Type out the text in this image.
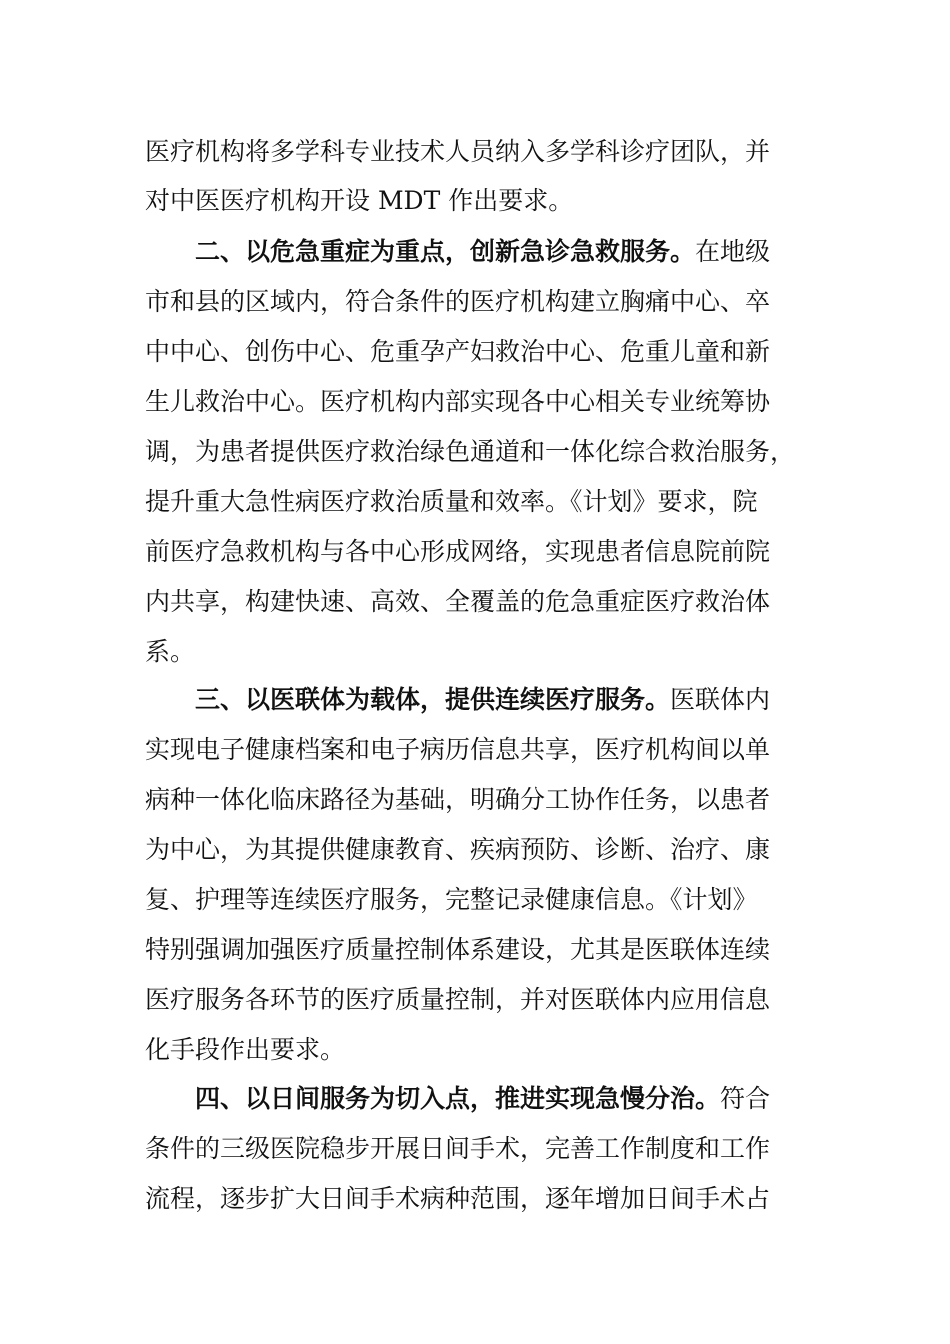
医疗机构将多学科专业技术人员纳入多学科诊疗团队，并
对中医医疗机构开设 MDT 作出要求。
二、以危急重症为重点，创新急诊急救服务。在地级
市和县的区域内，符合条件的医疗机构建立胸痛中心、卒
中中心、创伤中心、危重孕产妇救治中心、危重儿童和新
生儿救治中心。医疗机构内部实现各中心相关专业统筹协
调，为患者提供医疗救治绿色通道和一体化综合救治服务，
提升重大急性病医疗救治质量和效率。《计划》要求，院
前医疗急救机构与各中心形成网络，实现患者信息院前院
内共享，构建快速、高效、全覆盖的危急重症医疗救治体
系。
三、以医联体为载体，提供连续医疗服务。医联体内
实现电子健康档案和电子病历信息共享，医疗机构间以单
病种一体化临床路径为基础，明确分工协作任务，以患者
为中心，为其提供健康教育、疾病预防、诊断、治疗、康
复、护理等连续医疗服务，完整记录健康信息。《计划》
特别强调加强医疗质量控制体系建设，尤其是医联体连续
医疗服务各环节的医疗质量控制，并对医联体内应用信息
化手段作出要求。
四、以日间服务为切入点，推进实现急慢分治。符合
条件的三级医院稳步开展日间手术，完善工作制度和工作
流程，逐步扩大日间手术病种范围，逐年增加日间手术占
